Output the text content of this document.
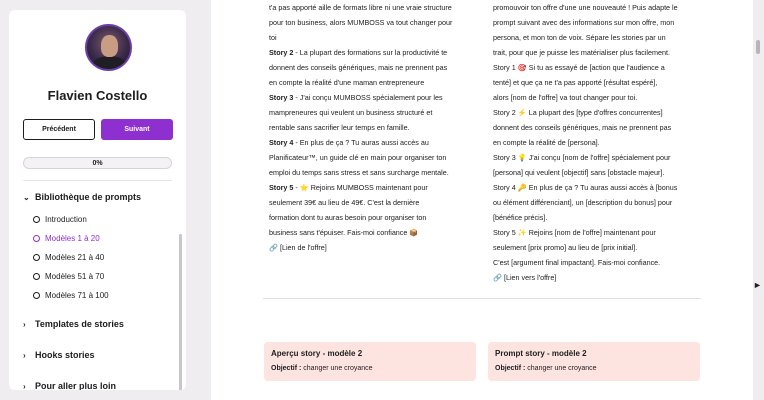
Flavien Costello
Précédent	Suivant
0%
⌄ Bibliothèque de prompts
Introduction
Modèles 1 à 20
Modèles 21 à 40
Modèles 51 à 70
Modèles 71 à 100
›	Templates de stories
›	Hooks stories
›	Pour aller plus loin

t'a pas apporté aille de formats libre ni une vraie structure

pour ton business, alors MUMBOSS va tout changer pour

toi

Story 2 - La plupart des formations sur la productivité te

donnent des conseils génériques, mais ne prennent pas

en compte la réalité d'une maman entrepreneure

Story 3 - J'ai conçu MUMBOSS spécialement pour les

mampreneures qui veulent un business structuré et

rentable sans sacrifier leur temps en famille.

Story 4 - En plus de ça ? Tu auras aussi accès au

Planificateur™, un guide clé en main pour organiser ton

emploi du temps sans stress et sans surcharge mentale.

Story 5 - ⭐ Rejoins MUMBOSS maintenant pour

seulement 39€ au lieu de 49€. C'est la dernière

formation dont tu auras besoin pour organiser ton

business sans t'épuiser. Fais-moi confiance 📦

🔗 [Lien de l'offre]

promouvoir ton offre d'une une nouveauté ! Puis adapte le

prompt suivant avec des informations sur mon offre, mon

persona, et mon ton de voix. Sépare les stories par un

trait, pour que je puisse les matérialiser plus facilement.

Story 1 🎯 Si tu as essayé de [action que l'audience a

tenté] et que ça ne t'a pas apporté [résultat espéré],

alors [nom de l'offre] va tout changer pour toi.

Story 2 ⚡ La plupart des [type d'offres concurrentes]

donnent des conseils génériques, mais ne prennent pas

en compte la réalité de [persona].

Story 3 💡 J'ai conçu [nom de l'offre] spécialement pour

[persona] qui veulent [objectif] sans [obstacle majeur].

Story 4 🔑 En plus de ça ? Tu auras aussi accès à [bonus

ou élément différenciant], un [description du bonus] pour

[bénéfice précis].

Story 5 ✨ Rejoins [nom de l'offre] maintenant pour

seulement [prix promo] au lieu de [prix initial].

C'est [argument final impactant]. Fais-moi confiance.

🔗 [Lien vers l'offre]

Aperçu story - modèle 2
Objectif : changer une croyance
Prompt story - modèle 2
Objectif : changer une croyance
►
